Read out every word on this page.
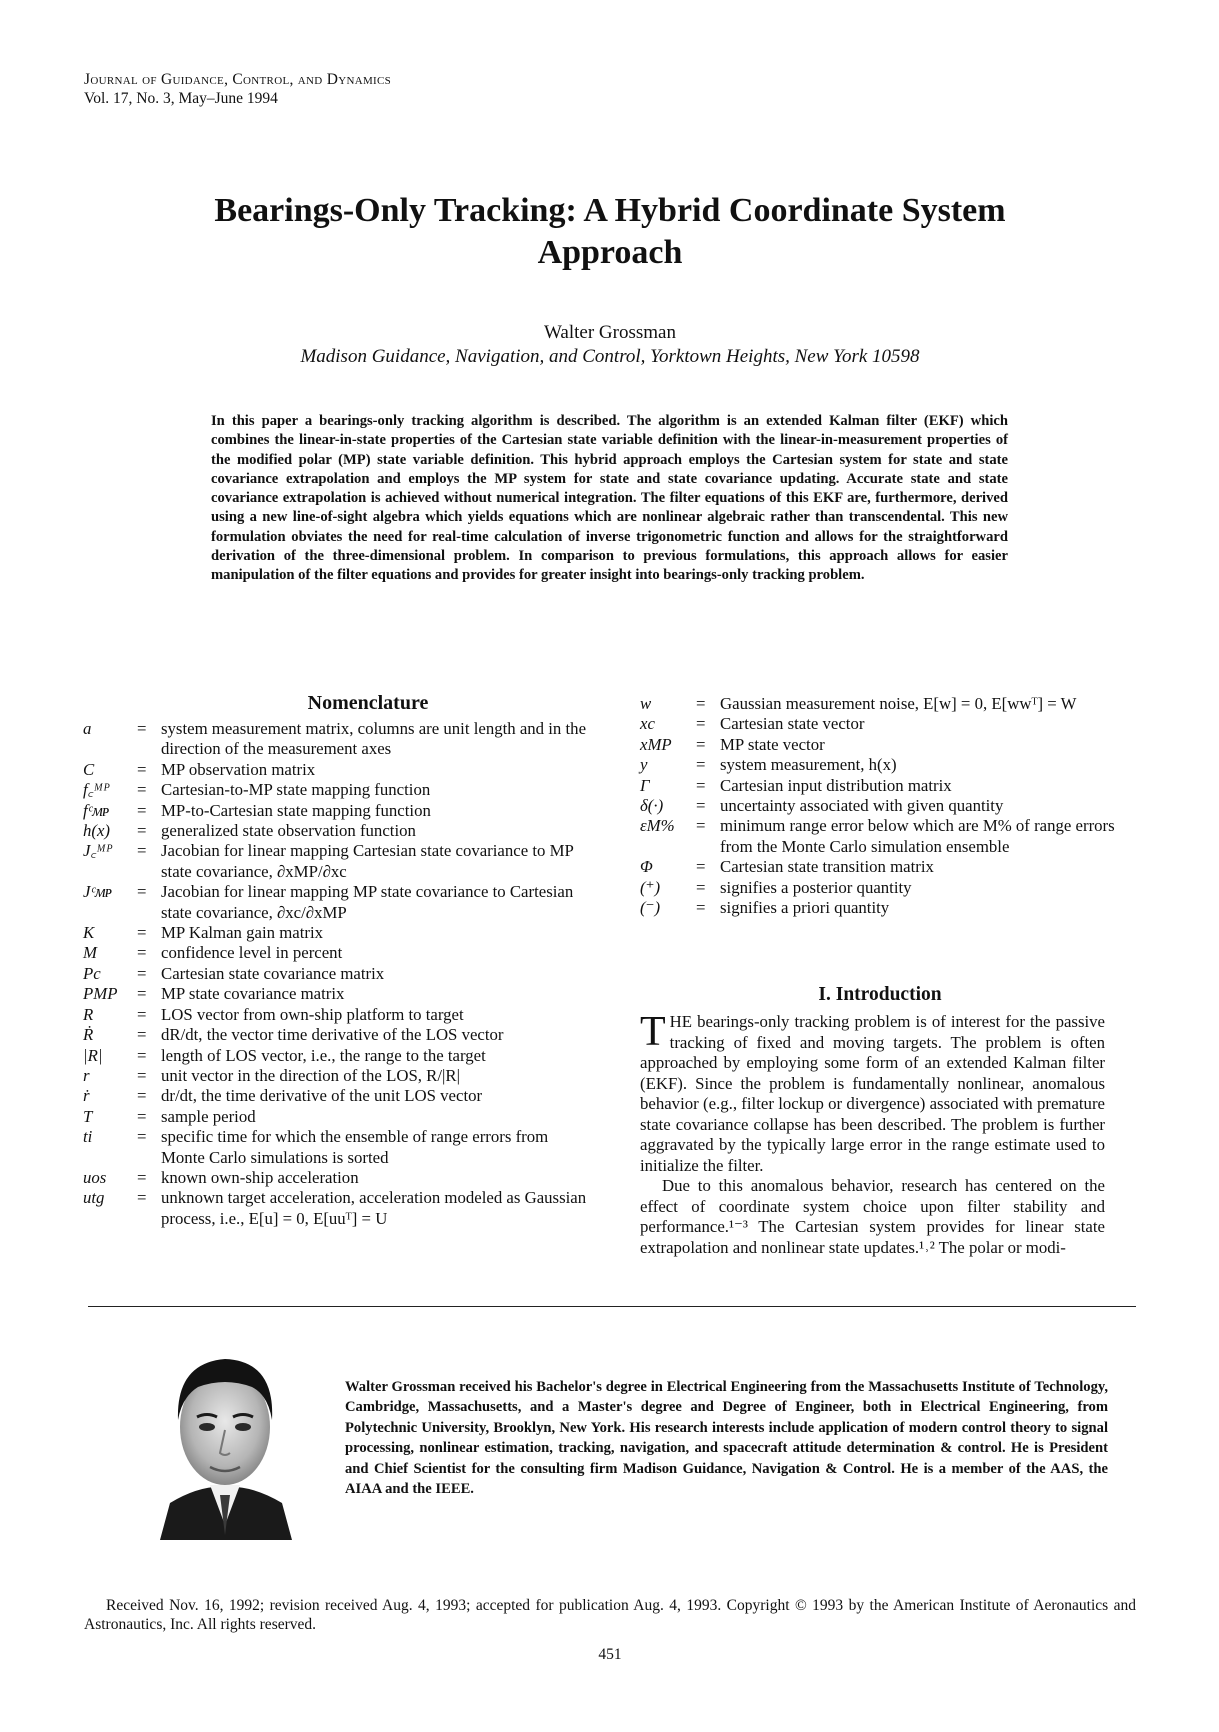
Journal of Guidance, Control, and Dynamics
Vol. 17, No. 3, May–June 1994
Bearings-Only Tracking: A Hybrid Coordinate System Approach
Walter Grossman
Madison Guidance, Navigation, and Control, Yorktown Heights, New York 10598
In this paper a bearings-only tracking algorithm is described. The algorithm is an extended Kalman filter (EKF) which combines the linear-in-state properties of the Cartesian state variable definition with the linear-in-measurement properties of the modified polar (MP) state variable definition. This hybrid approach employs the Cartesian system for state and state covariance extrapolation and employs the MP system for state and state covariance updating. Accurate state and state covariance extrapolation is achieved without numerical integration. The filter equations of this EKF are, furthermore, derived using a new line-of-sight algebra which yields equations which are nonlinear algebraic rather than transcendental. This new formulation obviates the need for real-time calculation of inverse trigonometric function and allows for the straightforward derivation of the three-dimensional problem. In comparison to previous formulations, this approach allows for easier manipulation of the filter equations and provides for greater insight into bearings-only tracking problem.
Nomenclature
a	= system measurement matrix, columns are unit length and in the direction of the measurement axes
C	= MP observation matrix
f꜀ᴹᴾ	= Cartesian-to-MP state mapping function
fᶜᴍᴘ	= MP-to-Cartesian state mapping function
h(x)	= generalized state observation function
J꜀ᴹᴾ	= Jacobian for linear mapping Cartesian state covariance to MP state covariance, ∂xMP/∂xc
Jᶜᴍᴘ	= Jacobian for linear mapping MP state covariance to Cartesian state covariance, ∂xc/∂xMP
K	= MP Kalman gain matrix
M	= confidence level in percent
Pc	= Cartesian state covariance matrix
PMP	= MP state covariance matrix
R	= LOS vector from own-ship platform to target
Ṙ	= dR/dt, the vector time derivative of the LOS vector
|R|	= length of LOS vector, i.e., the range to the target
r	= unit vector in the direction of the LOS, R/|R|
ṙ	= dr/dt, the time derivative of the unit LOS vector
T	= sample period
ti	= specific time for which the ensemble of range errors from Monte Carlo simulations is sorted
uos	= known own-ship acceleration
utg	= unknown target acceleration, acceleration modeled as Gaussian process, i.e., E[u] = 0, E[uuᵀ] = U
w	= Gaussian measurement noise, E[w] = 0, E[wwᵀ] = W
xc	= Cartesian state vector
xMP	= MP state vector
y	= system measurement, h(x)
Γ	= Cartesian input distribution matrix
δ(·)	= uncertainty associated with given quantity
εM%	= minimum range error below which are M% of range errors from the Monte Carlo simulation ensemble
Φ	= Cartesian state transition matrix
(⁺)	= signifies a posterior quantity
(⁻)	= signifies a priori quantity
I. Introduction

THE bearings-only tracking problem is of interest for the passive tracking of fixed and moving targets. The problem is often approached by employing some form of an extended Kalman filter (EKF). Since the problem is fundamentally nonlinear, anomalous behavior (e.g., filter lockup or divergence) associated with premature state covariance collapse has been described. The problem is further aggravated by the typically large error in the range estimate used to initialize the filter.

Due to this anomalous behavior, research has centered on the effect of coordinate system choice upon filter stability and performance.¹⁻³ The Cartesian system provides for linear state extrapolation and nonlinear state updates.¹˒² The polar or modi-

Walter Grossman received his Bachelor's degree in Electrical Engineering from the Massachusetts Institute of Technology, Cambridge, Massachusetts, and a Master's degree and Degree of Engineer, both in Electrical Engineering, from Polytechnic University, Brooklyn, New York. His research interests include application of modern control theory to signal processing, nonlinear estimation, tracking, navigation, and spacecraft attitude determination & control. He is President and Chief Scientist for the consulting firm Madison Guidance, Navigation & Control. He is a member of the AAS, the AIAA and the IEEE.
Received Nov. 16, 1992; revision received Aug. 4, 1993; accepted for publication Aug. 4, 1993. Copyright © 1993 by the American Institute of Aeronautics and Astronautics, Inc. All rights reserved.
451
